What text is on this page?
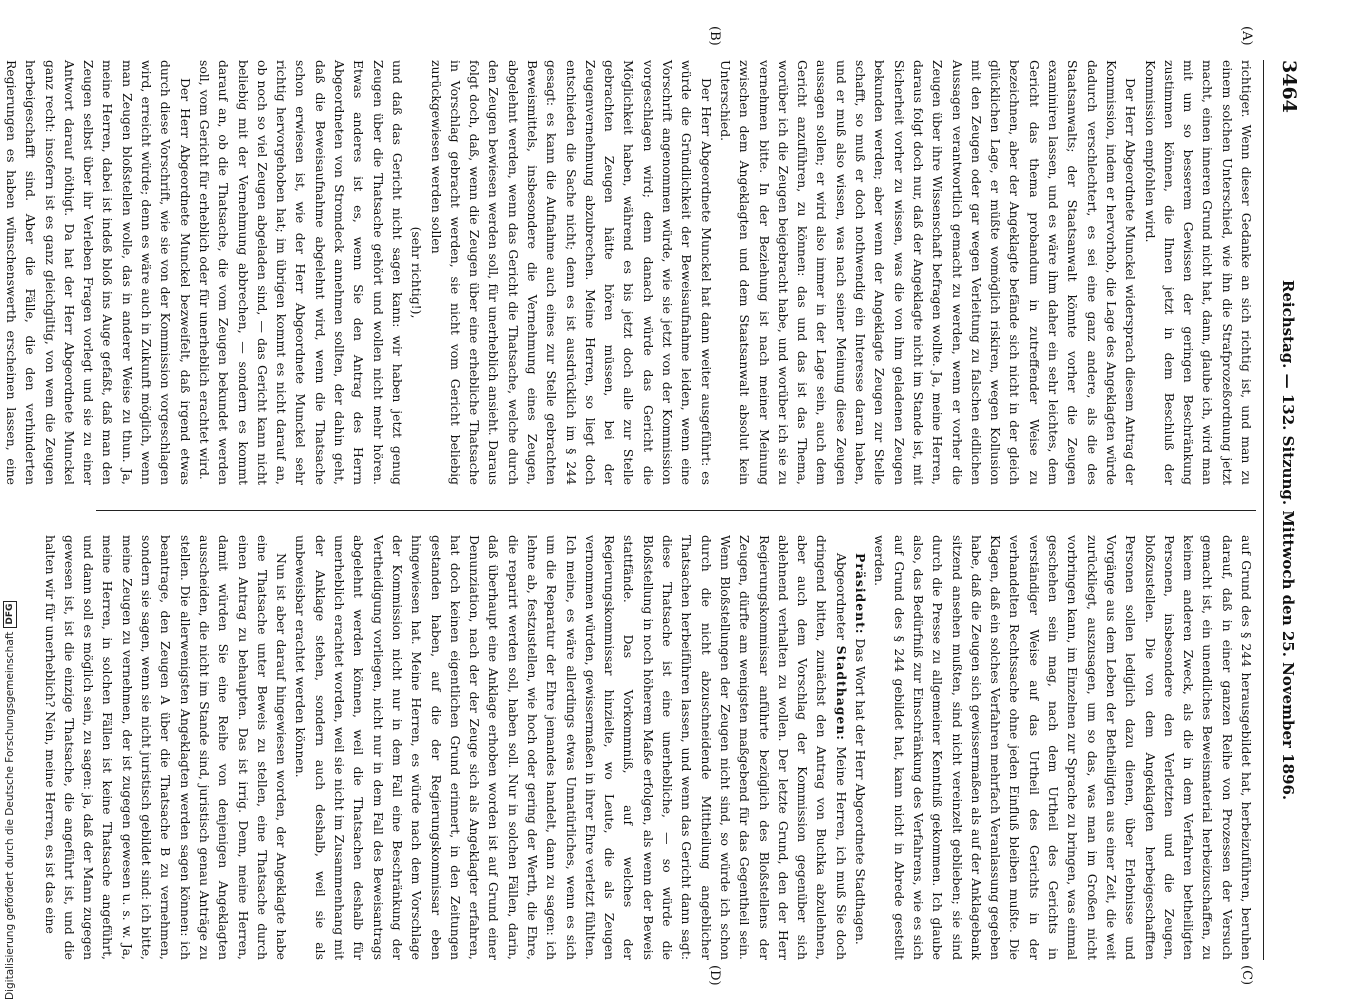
3464
Reichstag. — 132. Sitzung. Mittwoch den 25. November 1896.
(A)
(B)
(C)
(D)

richtiger. Wenn dieser Gedanke an sich richtig ist, und man zu einem solchen Unterschied, wie ihn die Strafprozeßordnung jetzt macht, einen inneren Grund nicht hat, dann, glaube ich, wird man mit um so besserem Gewissen der geringen Beschränkung zustimmen können, die Ihnen jetzt in dem Beschluß der Kommission empfohlen wird.

Der Herr Abgeordnete Munckel widersprach diesem Antrag der Kommission, indem er hervorhob, die Lage des Angeklagten würde dadurch verschlechtert, es sei eine ganz andere, als die des Staatsanwalts; der Staatsanwalt könnte vorher die Zeugen examiniren lassen, und es wäre ihm daher ein sehr leichtes, dem Gericht das thema probandum in zutreffender Weise zu bezeichnen, aber der Angeklagte befände sich nicht in der gleich glücklichen Lage, er müßte womöglich riskiren, wegen Kollusion mit den Zeugen oder gar wegen Verleitung zu falschen eidlichen Aussagen verantwortlich gemacht zu werden, wenn er vorher die Zeugen über ihre Wissenschaft befragen wollte. Ja, meine Herren, daraus folgt doch nur, daß der Angeklagte nicht im Stande ist, mit Sicherheit vorher zu wissen, was die von ihm geladenen Zeugen bekunden werden; aber wenn der Angeklagte Zeugen zur Stelle schafft, so muß er doch nothwendig ein Interesse daran haben, und er muß also wissen, was nach seiner Meinung diese Zeugen aussagen sollen; er wird also immer in der Lage sein, auch dem Gericht anzuführen, zu können: das und das ist das Thema, worüber ich die Zeugen beigebracht habe, und worüber ich sie zu vernehmen bitte. In der Beziehung ist nach meiner Meinung zwischen dem Angeklagten und dem Staatsanwalt absolut kein Unterschied.

Der Herr Abgeordnete Munckel hat dann weiter ausgeführt: es würde die Gründlichkeit der Beweisaufnahme leiden, wenn eine Vorschrift angenommen würde, wie sie jetzt von der Kommission vorgeschlagen wird; denn danach würde das Gericht die Möglichkeit haben, während es bis jetzt doch alle zur Stelle gebrachten Zeugen hätte hören müssen, bei der Zeugenvernehmung abzubrechen. Meine Herren, so liegt doch entschieden die Sache nicht; denn es ist ausdrücklich im § 244 gesagt: es kann die Aufnahme auch eines zur Stelle gebrachten Beweismittels, insbesondere die Vernehmung eines Zeugen, abgelehnt werden, wenn das Gericht die Thatsache, welche durch den Zeugen bewiesen werden soll, für unerheblich ansieht. Daraus folgt doch, daß, wenn die Zeugen über eine erhebliche Thatsache in Vorschlag gebracht werden, sie nicht vom Gericht beliebig zurückgewiesen werden sollen

(sehr richtig!),

und daß das Gericht nicht sagen kann: wir haben jetzt genug Zeugen über die Thatsache gehört und wollen nicht mehr hören. Etwas anderes ist es, wenn Sie den Antrag des Herrn Abgeordneten von Stromdeck annehmen sollten, der dahin geht, daß die Beweisaufnahme abgelehnt wird, wenn die Thatsache schon erwiesen ist, wie der Herr Abgeordnete Munckel sehr richtig hervorgehoben hat; im übrigen kommt es nicht darauf an, ob noch so viel Zeugen abgeladen sind, — das Gericht kann nicht beliebig mit der Vernehmung abbrechen, — sondern es kommt darauf an, ob die Thatsache, die vom Zeugen bekundet werden soll, vom Gericht für erheblich oder für unerheblich erachtet wird.

Der Herr Abgeordnete Munckel bezweifelt, daß irgend etwas durch diese Vorschrift, wie sie von der Kommission vorgeschlagen wird, erreicht würde; denn es wäre auch in Zukunft möglich, wenn man Zeugen bloßstellen wolle, das in anderer Weise zu thun. Ja, meine Herren, dabei ist indeß bloß ins Auge gefaßt, daß man den Zeugen selbst über ihr Verleben Fragen vorlegt und sie zu einer Antwort darauf nöthigt. Da hat der Herr Abgeordnete Munckel ganz recht: insofern ist es ganz gleichgiltig, von wem die Zeugen herbeigeschafft sind. Aber die Fälle, die den verhinderten Regierungen es haben wünschenswerth erscheinen lassen, eine

auf Grund des § 244 herausgebildet hat, herbeizuführen, beruhen darauf, daß in einer ganzen Reihe von Prozessen der Versuch gemacht ist, ein unendliches Beweismaterial herbeizuschaffen, zu keinem anderen Zweck, als die in dem Verfahren betheiligten Personen, insbesondere den Verletzten und die Zeugen, bloßzustellen. Die von dem Angeklagten herbeigeschafften Personen sollen lediglich dazu dienen, über Erlebnisse und Vorgänge aus dem Leben der Betheiligten aus einer Zeit, die weit zurückliegt, auszusagen, um so das, was man im Großen nicht vorbringen kann, im Einzelnen zur Sprache zu bringen, was einmal geschehen sein mag, nach dem Urtheil des Gerichts in verständiger Weise auf das Urtheil des Gerichts in der verhandelten Rechtssache ohne jeden Einfluß bleiben mußte. Die Klagen, daß ein solches Verfahren mehrfach Veranlassung gegeben habe, daß die Zeugen sich gewissermaßen als auf der Anklagebank sitzend ansehen mußten, sind nicht vereinzelt geblieben; sie sind durch die Presse zu allgemeiner Kenntniß gekommen. Ich glaube also, das Bedürfniß zur Einschränkung des Verfahrens, wie es sich auf Grund des § 244 gebildet hat, kann nicht in Abrede gestellt werden.

Präsident: Das Wort hat der Herr Abgeordnete Stadthagen.

Abgeordneter Stadthagen: Meine Herren, ich muß Sie doch dringend bitten, zunächst den Antrag von Buchka abzulehnen, aber auch dem Vorschlag der Kommission gegenüber sich ablehnend verhalten zu wollen. Der letzte Grund, den der Herr Regierungskommissar anführte bezüglich des Bloßstellens der Zeugen, dürfte am wenigsten maßgebend für das Gegentheil sein. Wenn Bloßstellungen der Zeugen nicht sind, so würde ich schon durch die nicht abzuschneidende Mittheilung angeblicher Thatsachen herbeiführen lassen, und wenn das Gericht dann sagt: diese Thatsache ist eine unerhebliche, — so würde die Bloßstellung in noch höherem Maße erfolgen, als wenn der Beweis stattfände. Das Vorkommniß, auf welches der Regierungskommissar hinzielte, wo Leute, die als Zeugen vernommen würden, gewissermaßen in ihrer Ehre verletzt fühlten. Ich meine, es wäre allerdings etwas Unnatürliches, wenn es sich um die Reparatur der Ehre jemandes handelt, dann zu sagen: ich lehne ab, festzustellen, wie hoch oder gering der Werth, die Ehre, die reparirt werden soll, haben soll. Nur in solchen Fällen, darin, daß überhaupt eine Anklage erhoben worden ist auf Grund einer Denunziation, nach der der Zeuge sich als Angeklagter erfahren, hat doch keinen eigentlichen Grund erinnert, in den Zeitungen gestanden haben, auf die der Regierungskommissar eben hingewiesen hat. Meine Herren, es würde nach dem Vorschlage der Kommission nicht nur in dem Fall eine Beschränkung der Vertheidigung vorliegen, nicht nur in dem Fall des Beweisantrags abgelehnt werden können, weil die Thatsachen deshalb für unerheblich erachtet worden, weil sie nicht im Zusammenhang mit der Anklage stehen, sondern auch deshalb, weil sie als unbeweisbar erachtet werden können.

Nun ist aber darauf hingewiesen worden, der Angeklagte habe eine Thatsache unter Beweis zu stellen, eine Thatsache durch einen Antrag zu behaupten. Das ist irrig. Denn, meine Herren, damit würden Sie eine Reihe von denjenigen Angeklagten ausscheiden, die nicht im Stande sind, juristisch genau Anträge zu stellen. Die allerwenigsten Angeklagten werden sagen können: ich beantrage, den Zeugen A über die Thatsache B zu vernehmen, sondern sie sagen, wenn sie nicht juristisch gebildet sind: ich bitte, meine Zeugen zu vernehmen, der ist zugegen gewesen u. s. w. Ja, meine Herren, in solchen Fällen ist keine Thatsache angeführt, und dann soll es möglich sein, zu sagen: ja, daß der Mann zugegen gewesen ist, ist die einzige Thatsache, die angeführt ist, und die halten wir für unerheblich? Nein, meine Herren, es ist das eine

Digitalisierung gefördert durch die Deutsche Forschungsgemeinschaft
DFG
